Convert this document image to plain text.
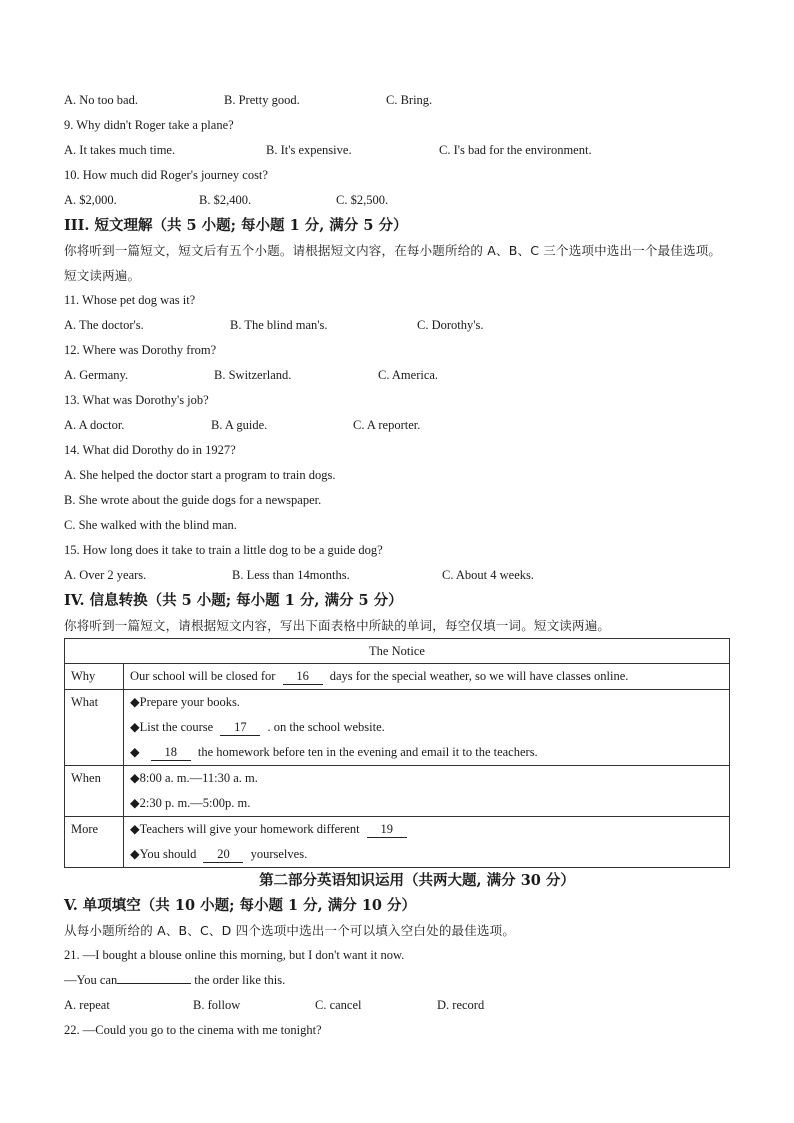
A. No too bad.	B. Pretty good.	C. Bring.
9. Why didn't Roger take a plane?
A. It takes much time.	B. It's expensive.	C. I's bad for the environment.
10. How much did Roger's journey cost?
A. $2,000.	B. $2,400.	C. $2,500.
III. 短文理解（共 5 小题; 每小题 1 分, 满分 5 分）
你将听到一篇短文，短文后有五个小题。请根据短文内容，在每小题所给的 A、B、C 三个选项中选出一个最佳选项。短文读两遍。
11. Whose pet dog was it?
A. The doctor's.	B. The blind man's.	C. Dorothy's.
12. Where was Dorothy from?
A. Germany.	B. Switzerland.	C. America.
13. What was Dorothy's job?
A. A doctor.	B. A guide.	C. A reporter.
14. What did Dorothy do in 1927?
A. She helped the doctor start a program to train dogs.
B. She wrote about the guide dogs for a newspaper.
C. She walked with the blind man.
15. How long does it take to train a little dog to be a guide dog?
A. Over 2 years.	B. Less than 14months.	C. About 4 weeks.
IV. 信息转换（共 5 小题; 每小题 1 分, 满分 5 分）
你将听到一篇短文，请根据短文内容，写出下面表格中所缺的单词，每空仅填一词。短文读两遍。
The Notice	

Why	Our school will be closed for 16 days for the special weather, so we will have classes online.

What	◆Prepare your books.
◆List the course 17 . on the school website.
◆ 18 the homework before ten in the evening and email it to the teachers.

When	◆8:00 a. m.—11:30 a. m.
◆2:30 p. m.—5:00p. m.

More	◆Teachers will give your homework different 19
◆You should 20 yourselves.
第二部分英语知识运用（共两大题, 满分 30 分）
V. 单项填空（共 10 小题; 每小题 1 分, 满分 10 分）
从每小题所给的 A、B、C、D 四个选项中选出一个可以填入空白处的最佳选项。
21. —I bought a blouse online this morning, but I don't want it now.
—You can	the order like this.
A. repeat	B. follow	C. cancel	D. record
22. —Could you go to the cinema with me tonight?
